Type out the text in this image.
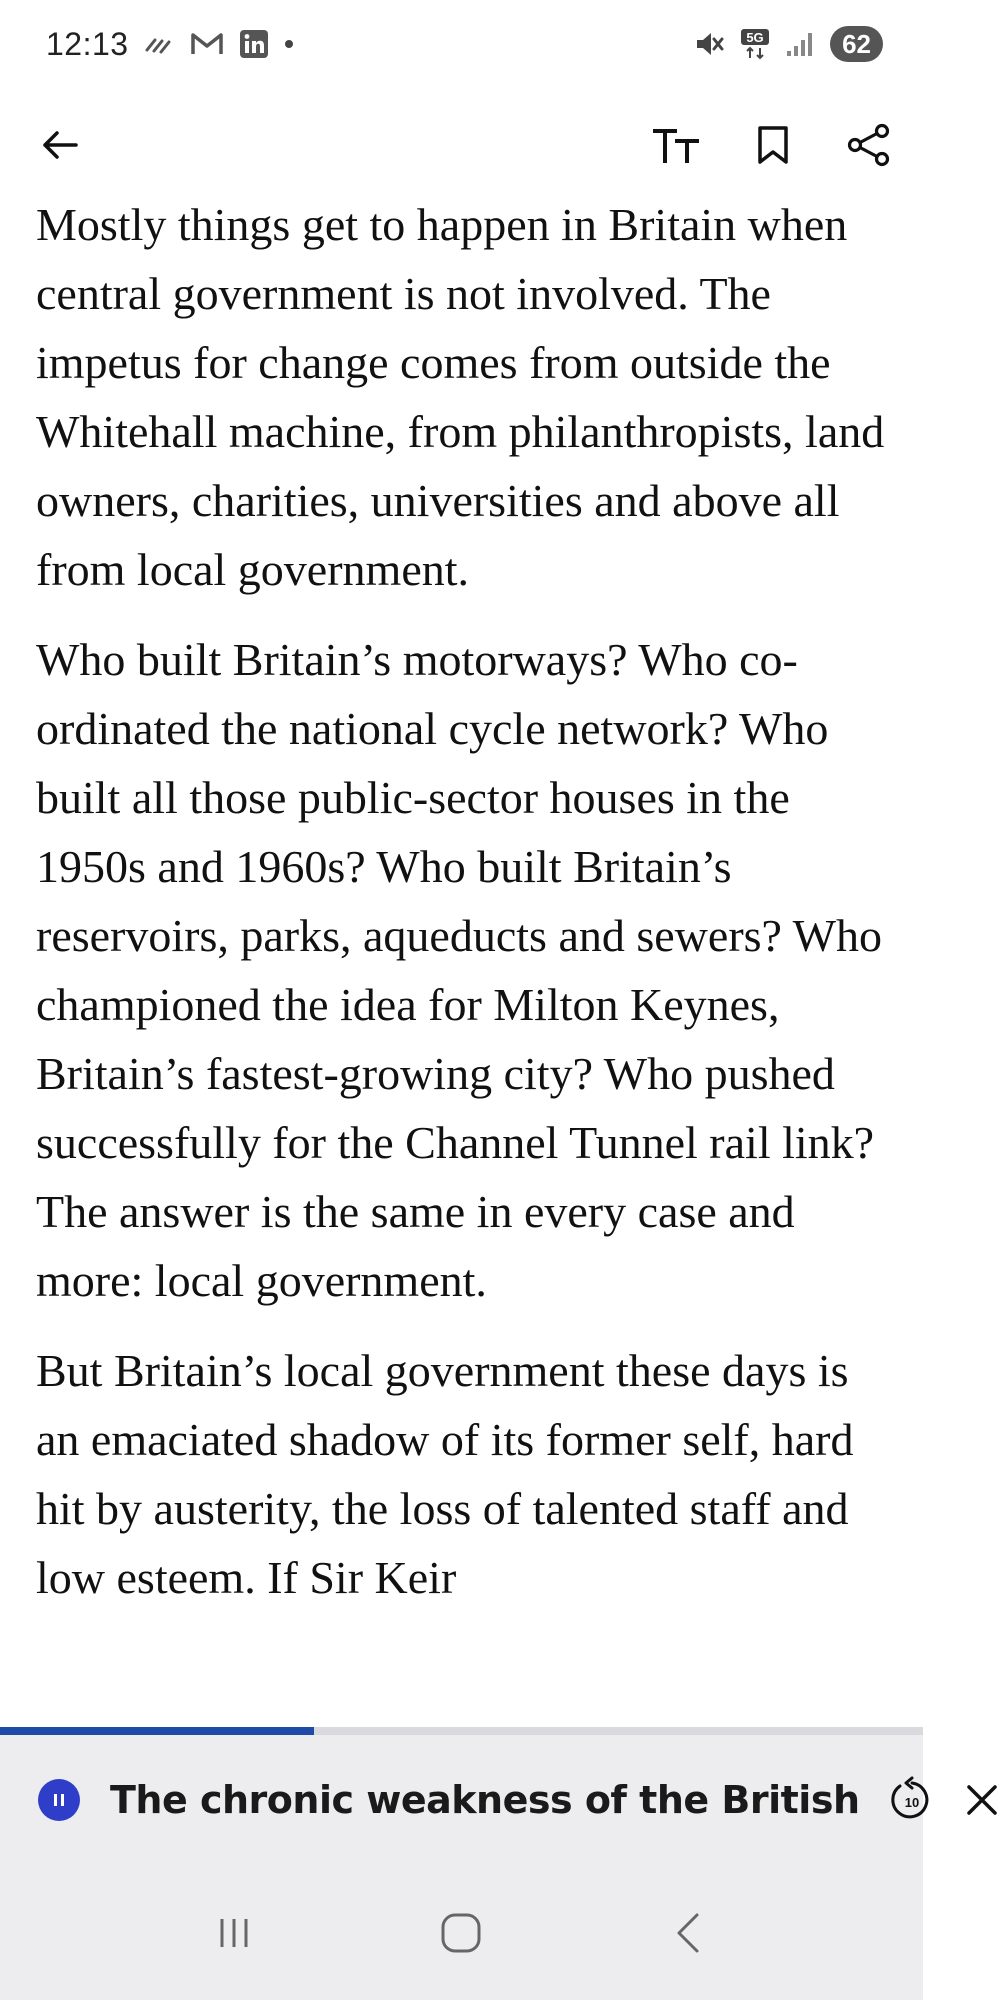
12:13	5G	62

Mostly things get to happen in Britain when central government is not involved. The impetus for change comes from outside the Whitehall machine, from philanthropists, land owners, charities, universities and above all from local government.

Who built Britain’s motorways? Who co-ordinated the national cycle network? Who built all those public-sector houses in the 1950s and 1960s? Who built Britain’s reservoirs, parks, aqueducts and sewers? Who championed the idea for Milton Keynes, Britain’s fastest-growing city? Who pushed successfully for the Channel Tunnel rail link? The answer is the same in every case and more: local government.

But Britain’s local government these days is an emaciated shadow of its former self, hard hit by austerity, the loss of talented staff and low esteem. If Sir Keir

The chronic weakness of the British	10
